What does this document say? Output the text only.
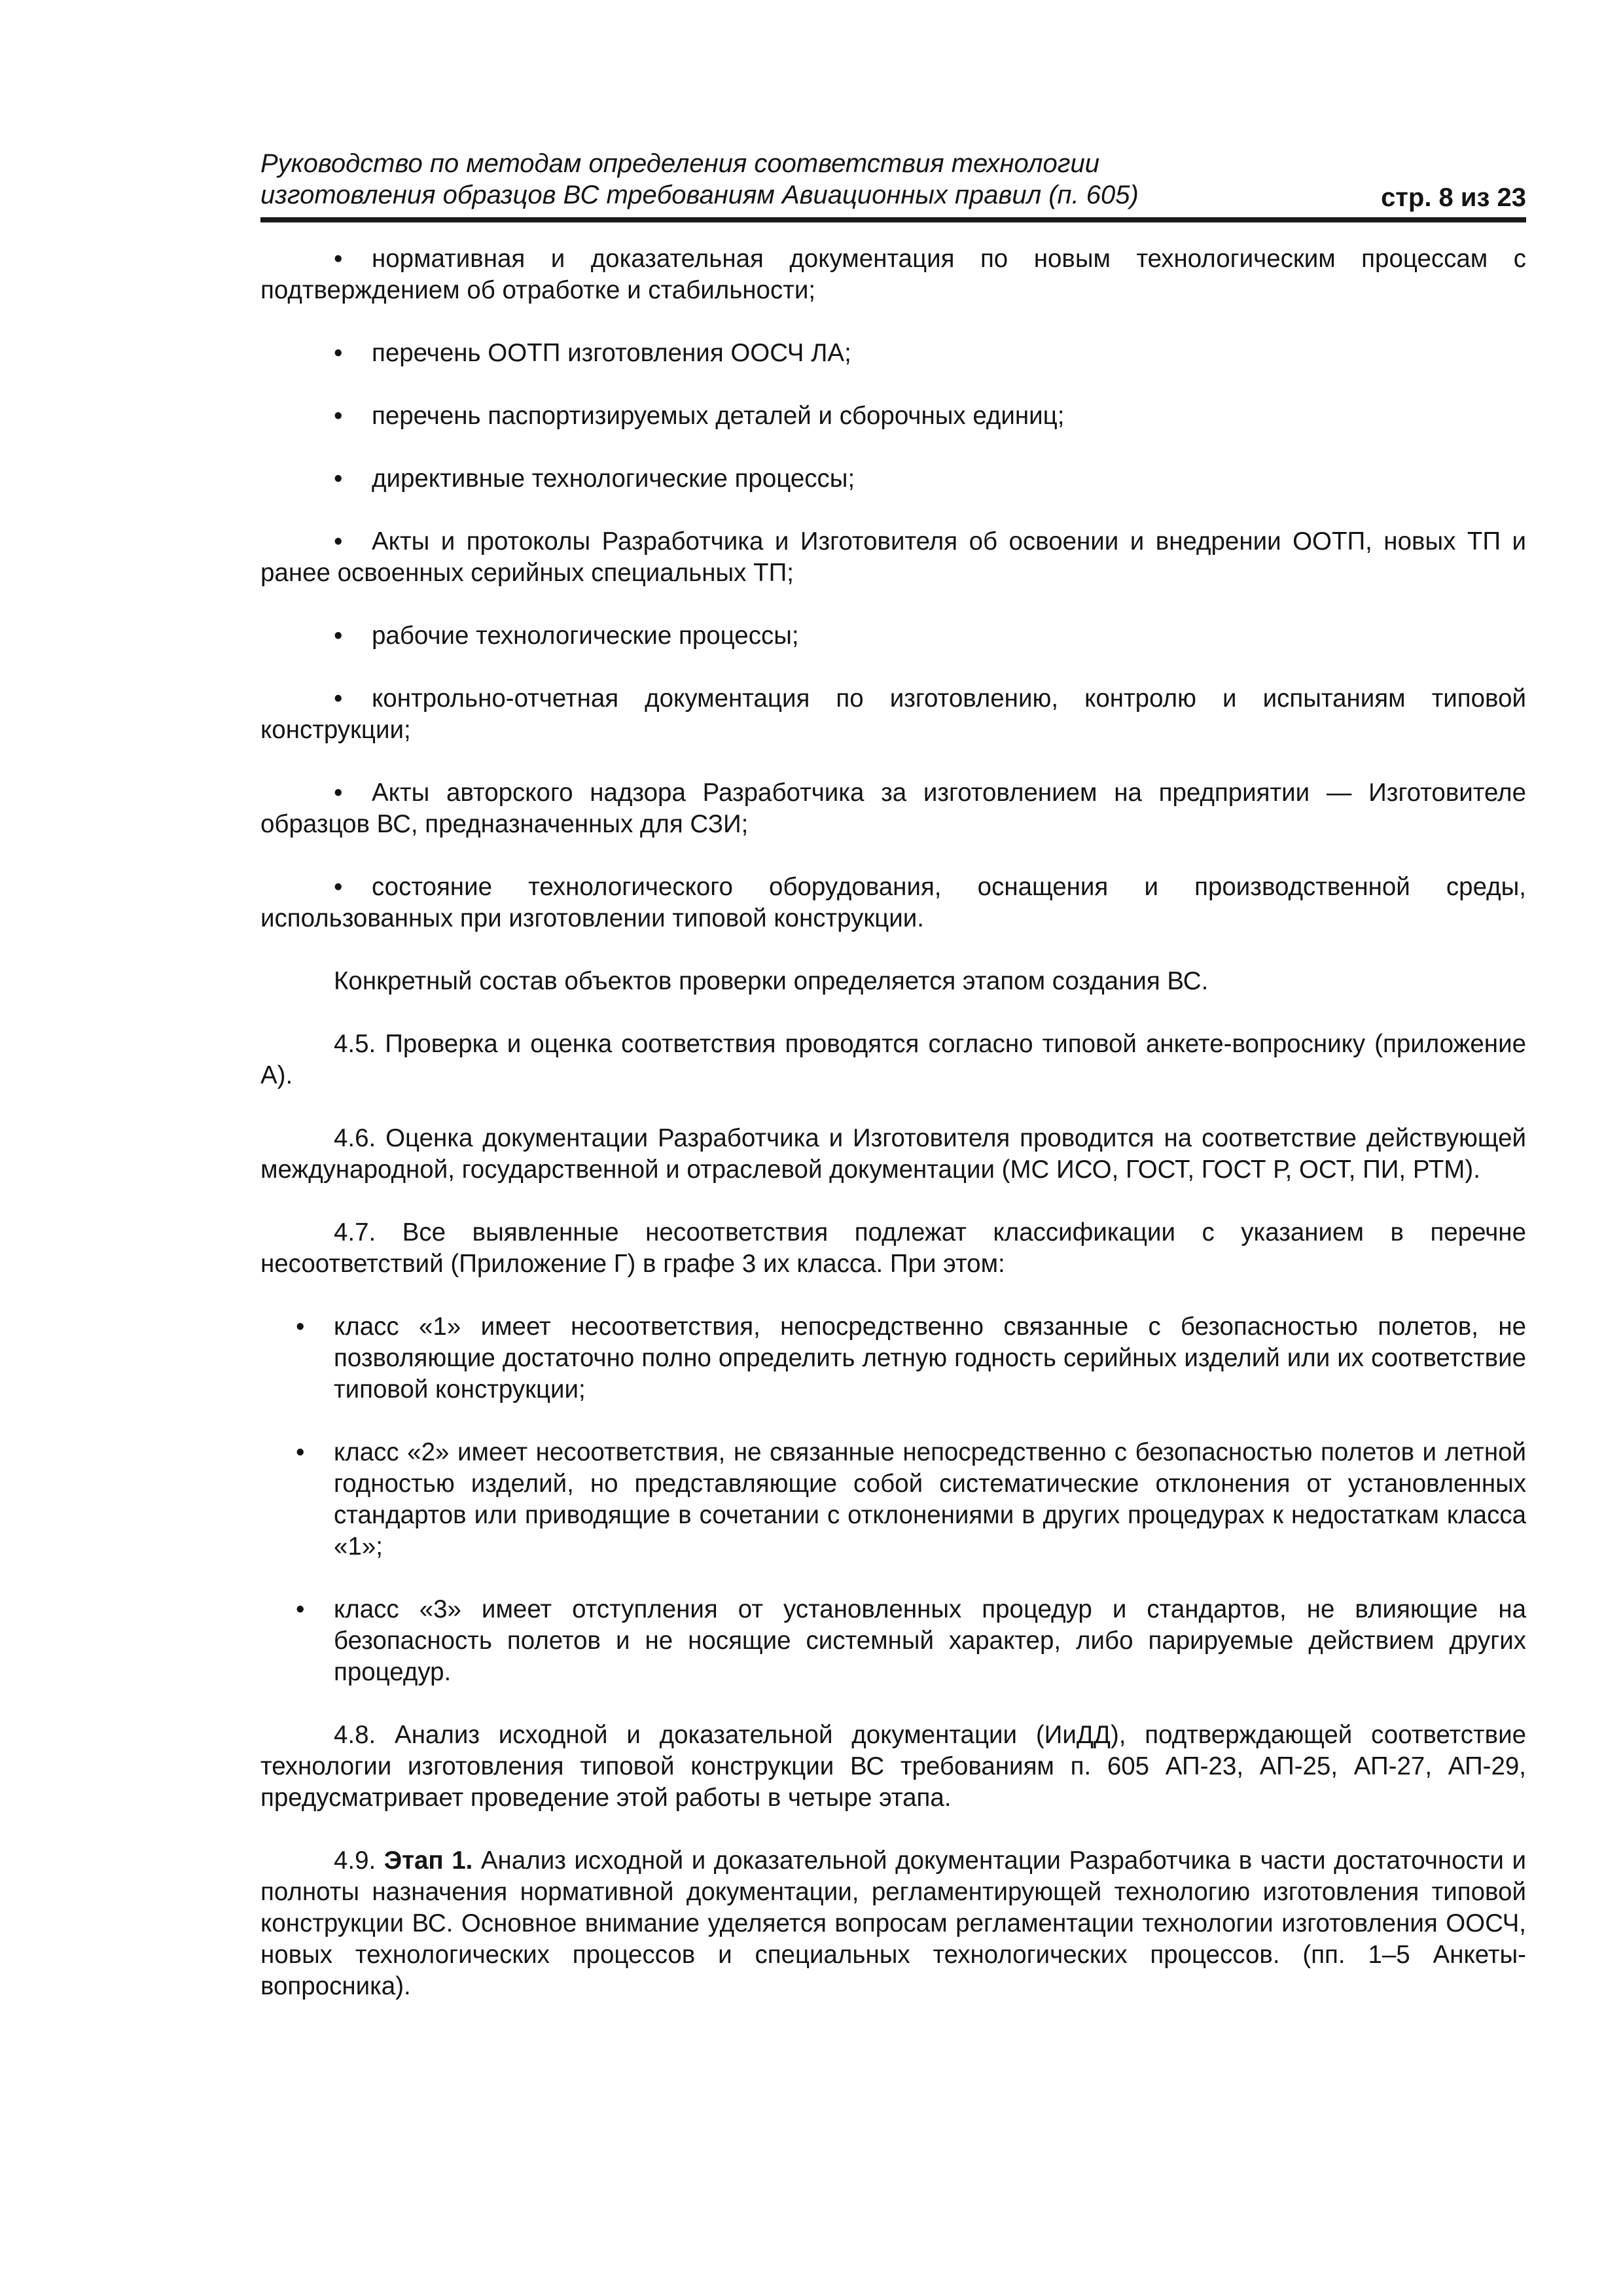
Руководство по методам определения соответствия технологии
изготовления образцов ВС требованиям Авиационных правил (п. 605)	стр. 8 из 23

• нормативная и доказательная документация по новым технологическим процессам с подтверждением об отработке и стабильности;

• перечень ООТП изготовления ООСЧ ЛА;

• перечень паспортизируемых деталей и сборочных единиц;

• директивные технологические процессы;

• Акты и протоколы Разработчика и Изготовителя об освоении и внедрении ООТП, новых ТП и ранее освоенных серийных специальных ТП;

• рабочие технологические процессы;

• контрольно-отчетная документация по изготовлению, контролю и испытаниям типовой конструкции;

• Акты авторского надзора Разработчика за изготовлением на предприятии — Изготовителе образцов ВС, предназначенных для СЗИ;

• состояние технологического оборудования, оснащения и производственной среды, использованных при изготовлении типовой конструкции.

Конкретный состав объектов проверки определяется этапом создания ВС.

4.5. Проверка и оценка соответствия проводятся согласно типовой анкете-вопроснику (приложение А).

4.6. Оценка документации Разработчика и Изготовителя проводится на соответствие действующей международной, государственной и отраслевой документации (МС ИСО, ГОСТ, ГОСТ Р, ОСТ, ПИ, РТМ).

4.7. Все выявленные несоответствия подлежат классификации с указанием в перечне несоответствий (Приложение Г) в графе 3 их класса. При этом:

• класс «1» имеет несоответствия, непосредственно связанные с безопасностью полетов, не позволяющие достаточно полно определить летную годность серийных изделий или их соответствие типовой конструкции;

• класс «2» имеет несоответствия, не связанные непосредственно с безопасностью полетов и летной годностью изделий, но представляющие собой систематические отклонения от установленных стандартов или приводящие в сочетании с отклонениями в других процедурах к недостаткам класса «1»;

• класс «3» имеет отступления от установленных процедур и стандартов, не влияющие на безопасность полетов и не носящие системный характер, либо парируемые действием других процедур.

4.8. Анализ исходной и доказательной документации (ИиДД), подтверждающей соответствие технологии изготовления типовой конструкции ВС требованиям п. 605 АП-23, АП-25, АП-27, АП-29, предусматривает проведение этой работы в четыре этапа.

4.9. Этап 1. Анализ исходной и доказательной документации Разработчика в части достаточности и полноты назначения нормативной документации, регламентирующей технологию изготовления типовой конструкции ВС. Основное внимание уделяется вопросам регламентации технологии изготовления ООСЧ, новых технологических процессов и специальных технологических процессов. (пп. 1–5 Анкеты-вопросника).
